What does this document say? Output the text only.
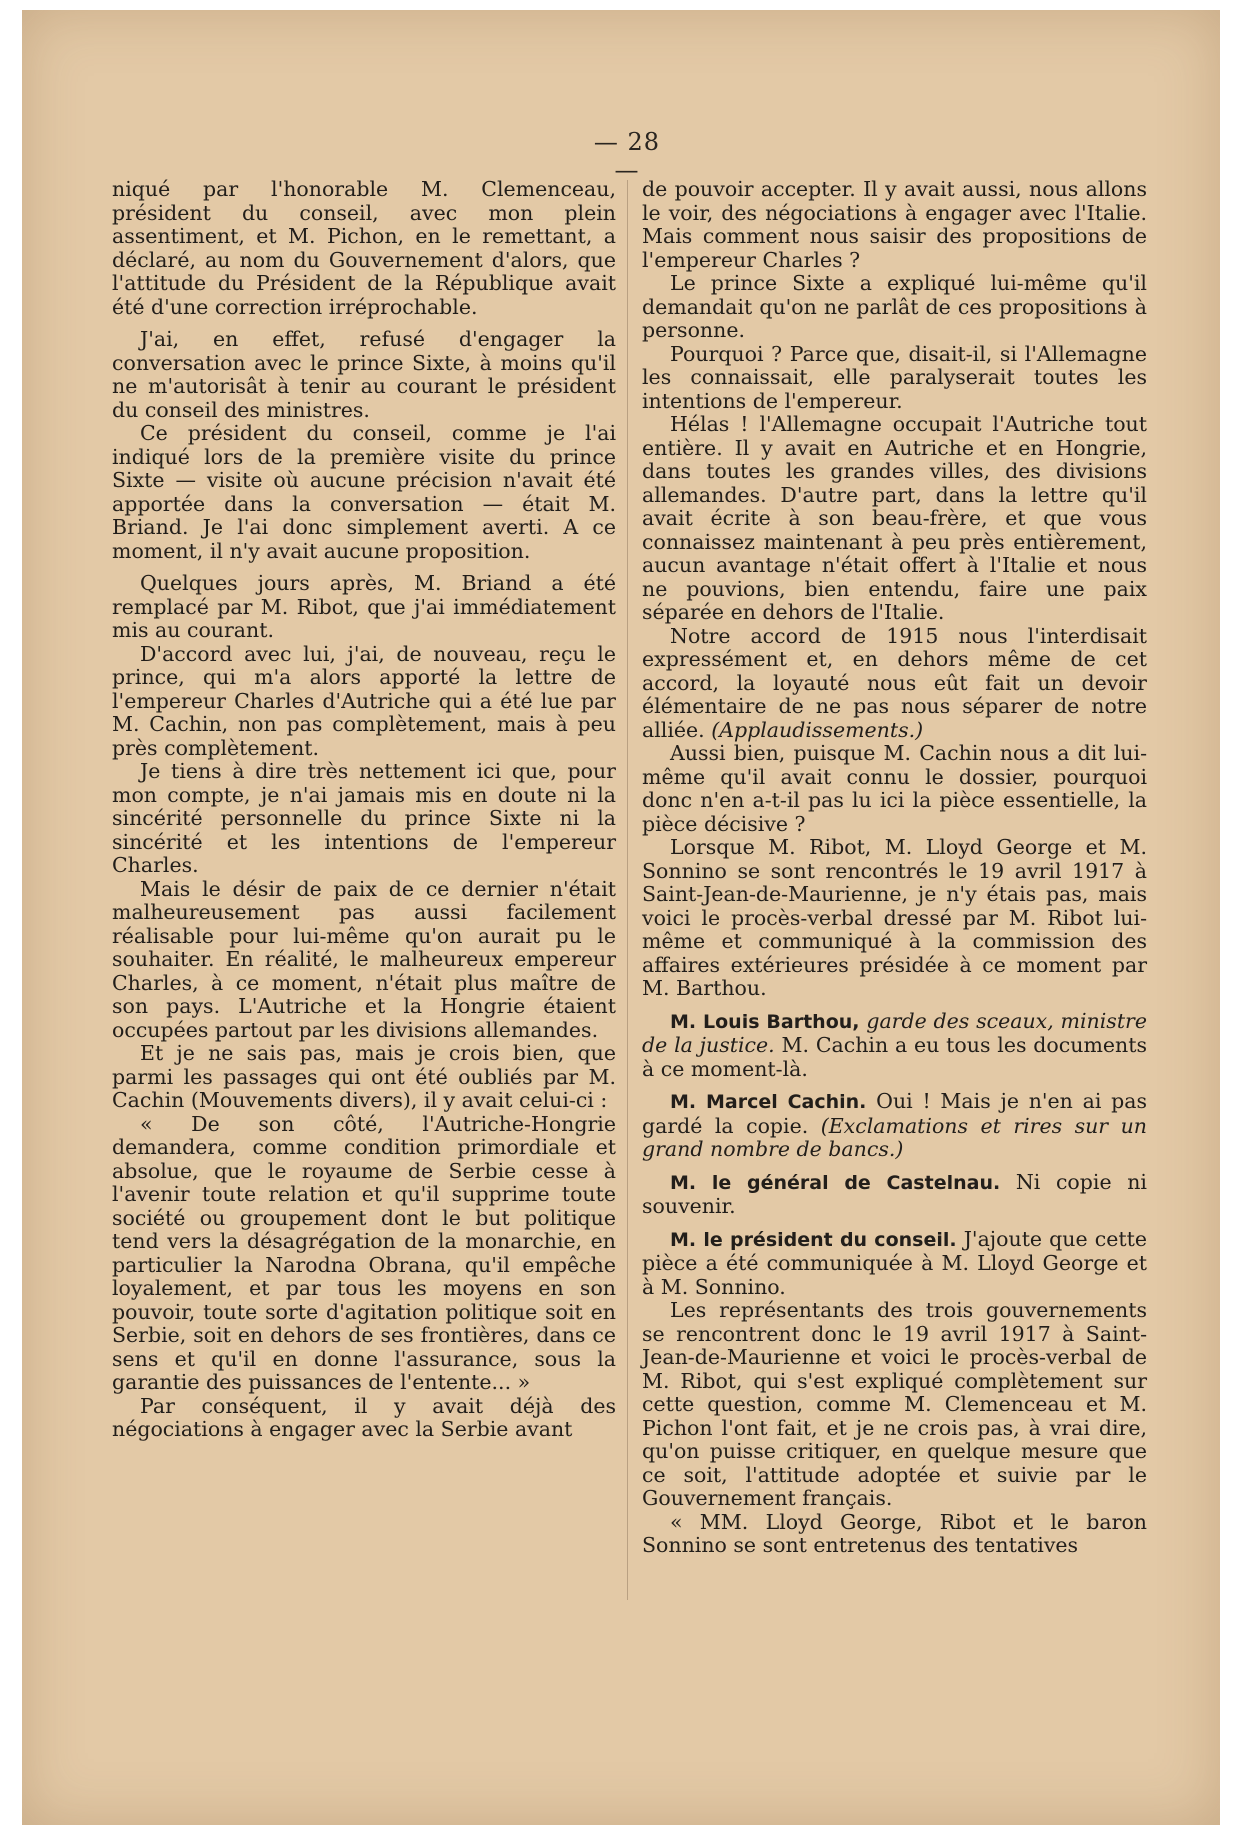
— 28 —

niqué par l'honorable M. Clemenceau, président du conseil, avec mon plein assentiment, et M. Pichon, en le remettant, a déclaré, au nom du Gouvernement d'alors, que l'attitude du Président de la République avait été d'une correction irréprochable.

J'ai, en effet, refusé d'engager la conversation avec le prince Sixte, à moins qu'il ne m'autorisât à tenir au courant le président du conseil des ministres.

Ce président du conseil, comme je l'ai indiqué lors de la première visite du prince Sixte — visite où aucune précision n'avait été apportée dans la conversation — était M. Briand. Je l'ai donc simplement averti. A ce moment, il n'y avait aucune proposition.

Quelques jours après, M. Briand a été remplacé par M. Ribot, que j'ai immédiatement mis au courant.

D'accord avec lui, j'ai, de nouveau, reçu le prince, qui m'a alors apporté la lettre de l'empereur Charles d'Autriche qui a été lue par M. Cachin, non pas complètement, mais à peu près complètement.

Je tiens à dire très nettement ici que, pour mon compte, je n'ai jamais mis en doute ni la sincérité personnelle du prince Sixte ni la sincérité et les intentions de l'empereur Charles.

Mais le désir de paix de ce dernier n'était malheureusement pas aussi facilement réalisable pour lui-même qu'on aurait pu le souhaiter. En réalité, le malheureux empereur Charles, à ce moment, n'était plus maître de son pays. L'Autriche et la Hongrie étaient occupées partout par les divisions allemandes.

Et je ne sais pas, mais je crois bien, que parmi les passages qui ont été oubliés par M. Cachin (Mouvements divers), il y avait celui-ci :

« De son côté, l'Autriche-Hongrie demandera, comme condition primordiale et absolue, que le royaume de Serbie cesse à l'avenir toute relation et qu'il supprime toute société ou groupement dont le but politique tend vers la désagrégation de la monarchie, en particulier la Narodna Obrana, qu'il empêche loyalement, et par tous les moyens en son pouvoir, toute sorte d'agitation politique soit en Serbie, soit en dehors de ses frontières, dans ce sens et qu'il en donne l'assurance, sous la garantie des puissances de l'entente... »

Par conséquent, il y avait déjà des négociations à engager avec la Serbie avant

de pouvoir accepter. Il y avait aussi, nous allons le voir, des négociations à engager avec l'Italie. Mais comment nous saisir des propositions de l'empereur Charles ?

Le prince Sixte a expliqué lui-même qu'il demandait qu'on ne parlât de ces propositions à personne.

Pourquoi ? Parce que, disait-il, si l'Allemagne les connaissait, elle paralyserait toutes les intentions de l'empereur.

Hélas ! l'Allemagne occupait l'Autriche tout entière. Il y avait en Autriche et en Hongrie, dans toutes les grandes villes, des divisions allemandes. D'autre part, dans la lettre qu'il avait écrite à son beau-frère, et que vous connaissez maintenant à peu près entièrement, aucun avantage n'était offert à l'Italie et nous ne pouvions, bien entendu, faire une paix séparée en dehors de l'Italie.

Notre accord de 1915 nous l'interdisait expressément et, en dehors même de cet accord, la loyauté nous eût fait un devoir élémentaire de ne pas nous séparer de notre alliée. (Applaudissements.)

Aussi bien, puisque M. Cachin nous a dit lui-même qu'il avait connu le dossier, pourquoi donc n'en a-t-il pas lu ici la pièce essentielle, la pièce décisive ?

Lorsque M. Ribot, M. Lloyd George et M. Sonnino se sont rencontrés le 19 avril 1917 à Saint-Jean-de-Maurienne, je n'y étais pas, mais voici le procès-verbal dressé par M. Ribot lui-même et communiqué à la commission des affaires extérieures présidée à ce moment par M. Barthou.

M. Louis Barthou, garde des sceaux, ministre de la justice. M. Cachin a eu tous les documents à ce moment-là.

M. Marcel Cachin. Oui ! Mais je n'en ai pas gardé la copie. (Exclamations et rires sur un grand nombre de bancs.)

M. le général de Castelnau. Ni copie ni souvenir.

M. le président du conseil. J'ajoute que cette pièce a été communiquée à M. Lloyd George et à M. Sonnino.

Les représentants des trois gouvernements se rencontrent donc le 19 avril 1917 à Saint-Jean-de-Maurienne et voici le procès-verbal de M. Ribot, qui s'est expliqué complètement sur cette question, comme M. Clemenceau et M. Pichon l'ont fait, et je ne crois pas, à vrai dire, qu'on puisse critiquer, en quelque mesure que ce soit, l'attitude adoptée et suivie par le Gouvernement français.

« MM. Lloyd George, Ribot et le baron Sonnino se sont entretenus des tentatives
